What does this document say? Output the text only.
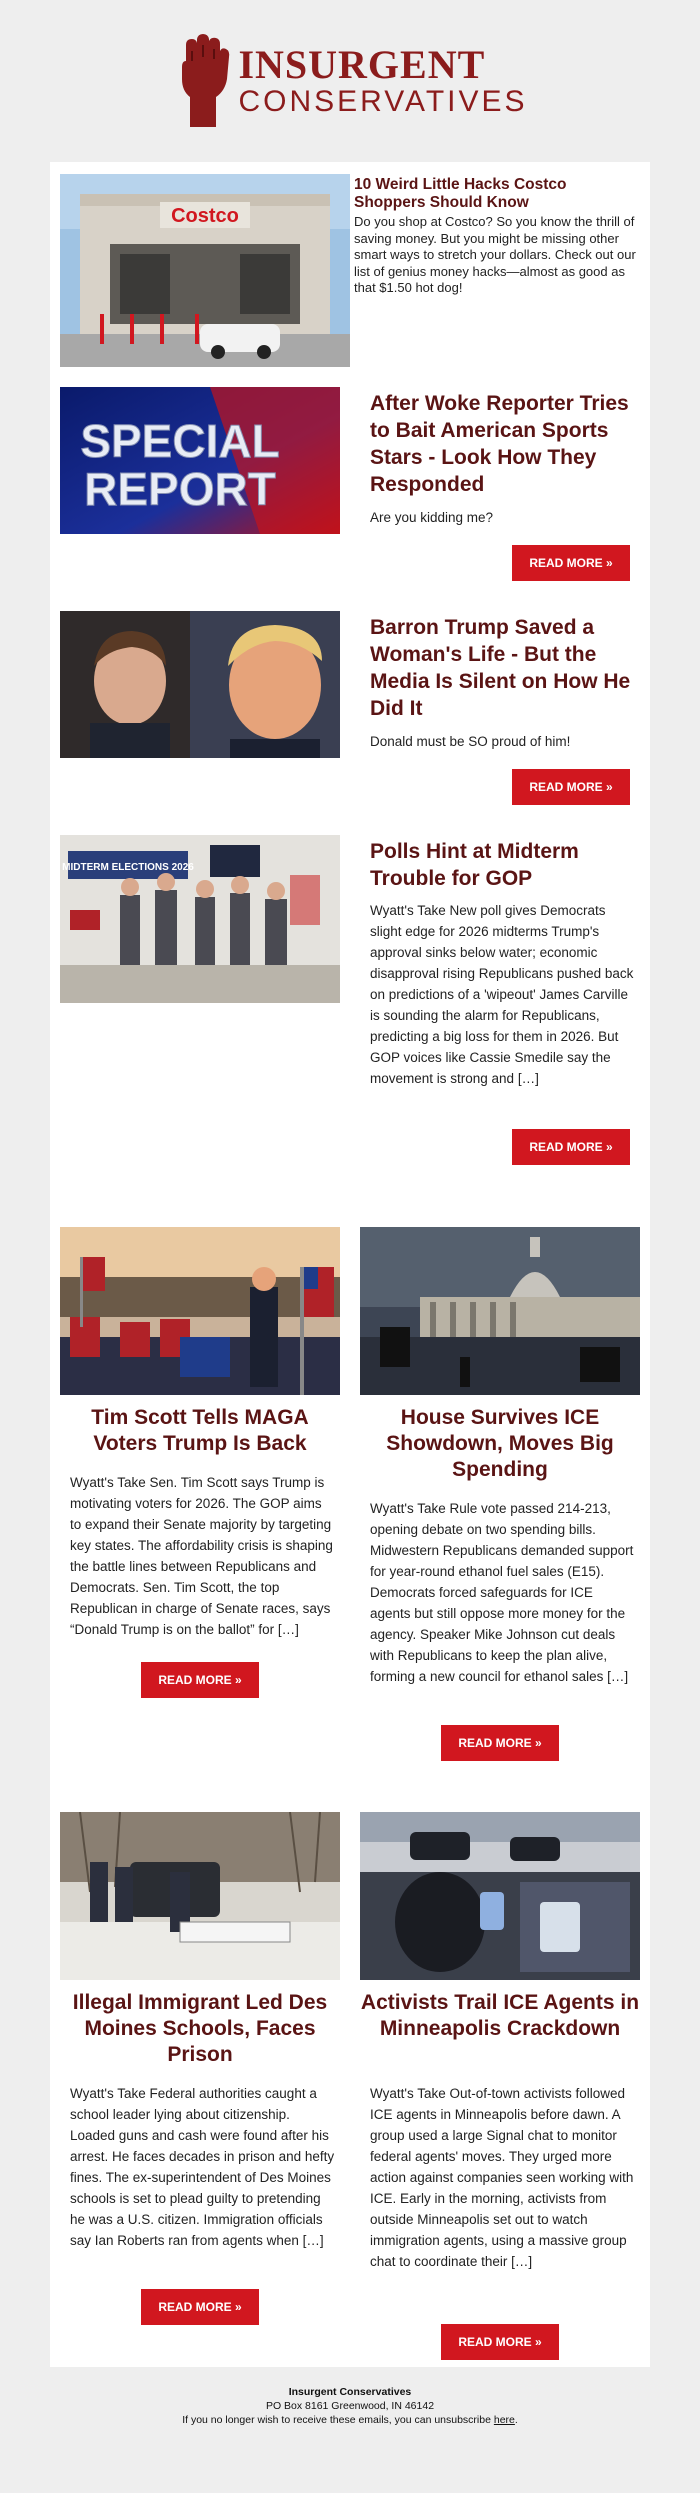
INSURGENT
CONSERVATIVES
Costco
10 Weird Little Hacks Costco Shoppers Should Know
Do you shop at Costco? So you know the thrill of saving money. But you might be missing other smart ways to stretch your dollars. Check out our list of genius money hacks—almost as good as that $1.50 hot dog!
SPECIAL
REPORT
After Woke Reporter Tries to Bait American Sports Stars - Look How They Responded
Are you kidding me?
READ MORE »
Barron Trump Saved a Woman's Life - But the Media Is Silent on How He Did It
Donald must be SO proud of him!
READ MORE »
MIDTERM ELECTIONS 2026
Polls Hint at Midterm Trouble for GOP
Wyatt's Take New poll gives Democrats slight edge for 2026 midterms Trump's approval sinks below water; economic disapproval rising Republicans pushed back on predictions of a 'wipeout' James Carville is sounding the alarm for Republicans, predicting a big loss for them in 2026. But GOP voices like Cassie Smedile say the movement is strong and […]
READ MORE »
Tim Scott Tells MAGA Voters Trump Is Back
Wyatt's Take Sen. Tim Scott says Trump is motivating voters for 2026. The GOP aims to expand their Senate majority by targeting key states. The affordability crisis is shaping the battle lines between Republicans and Democrats. Sen. Tim Scott, the top Republican in charge of Senate races, says “Donald Trump is on the ballot” for […]
READ MORE »
House Survives ICE Showdown, Moves Big Spending
Wyatt's Take Rule vote passed 214-213, opening debate on two spending bills. Midwestern Republicans demanded support for year-round ethanol fuel sales (E15). Democrats forced safeguards for ICE agents but still oppose more money for the agency. Speaker Mike Johnson cut deals with Republicans to keep the plan alive, forming a new council for ethanol sales […]
READ MORE »
Illegal Immigrant Led Des Moines Schools, Faces Prison
Wyatt's Take Federal authorities caught a school leader lying about citizenship. Loaded guns and cash were found after his arrest. He faces decades in prison and hefty fines. The ex-superintendent of Des Moines schools is set to plead guilty to pretending he was a U.S. citizen. Immigration officials say Ian Roberts ran from agents when […]
READ MORE »
Activists Trail ICE Agents in Minneapolis Crackdown
Wyatt's Take Out-of-town activists followed ICE agents in Minneapolis before dawn. A group used a large Signal chat to monitor federal agents' moves. They urged more action against companies seen working with ICE. Early in the morning, activists from outside Minneapolis set out to watch immigration agents, using a massive group chat to coordinate their […]
READ MORE »
Insurgent Conservatives
PO Box 8161 Greenwood, IN 46142
If you no longer wish to receive these emails, you can unsubscribe here.
